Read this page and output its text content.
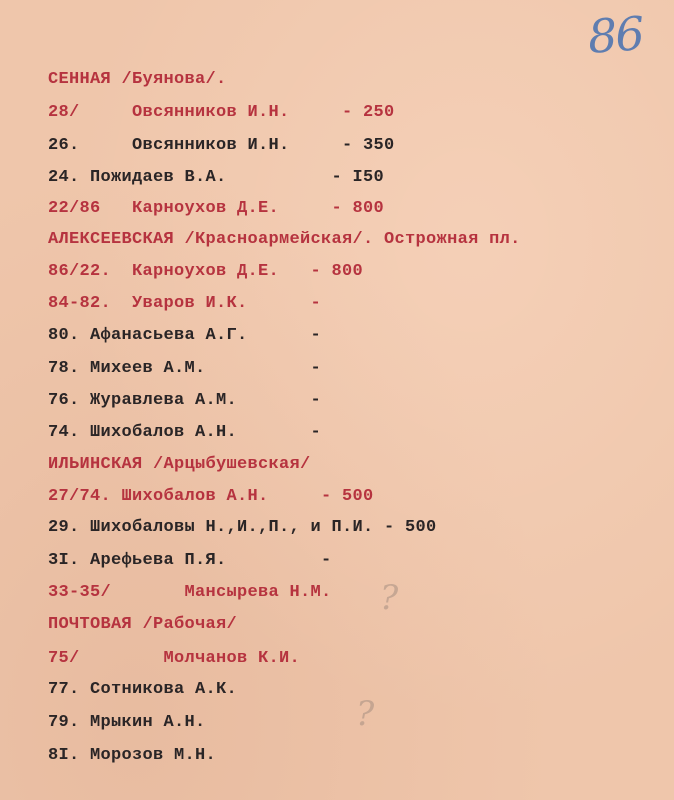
86
?
?
СЕННАЯ /Буянова/.
28/     Овсянников И.Н.     - 250
26.     Овсянников И.Н.     - 350
24. Пожидаев В.А.          - I50
22/86   Карноухов Д.Е.     - 800
АЛЕКСЕЕВСКАЯ /Красноармейская/. Острожная пл.
86/22.  Карноухов Д.Е.   - 800
84-82.  Уваров И.К.      -
80. Афанасьева А.Г.      -
78. Михеев А.М.          -
76. Журавлева А.М.       -
74. Шихобалов А.Н.       -
ИЛЬИНСКАЯ /Арцыбушевская/
27/74. Шихобалов А.Н.     - 500
29. Шихобаловы Н.,И.,П., и П.И. - 500
3I. Арефьева П.Я.         -
33-35/       Мансырева Н.М.
ПОЧТОВАЯ /Рабочая/
75/        Молчанов К.И.
77. Сотникова А.К.
79. Мрыкин А.Н.
8I. Морозов М.Н.
